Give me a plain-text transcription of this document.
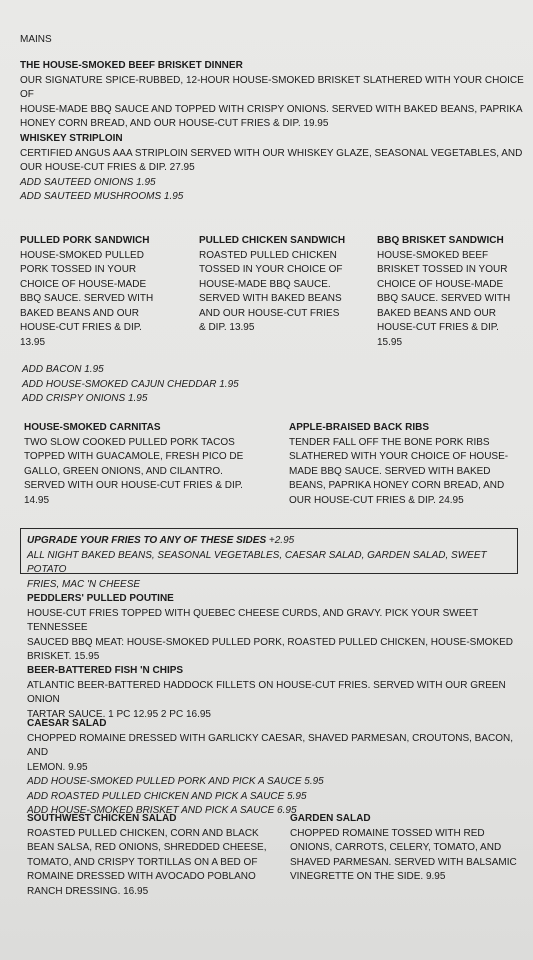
MAINS

THE HOUSE-SMOKED BEEF BRISKET DINNER

OUR SIGNATURE SPICE-RUBBED, 12-HOUR HOUSE-SMOKED BRISKET SLATHERED WITH YOUR CHOICE OF

HOUSE-MADE BBQ SAUCE AND TOPPED WITH CRISPY ONIONS. SERVED WITH BAKED BEANS, PAPRIKA

HONEY CORN BREAD, AND OUR HOUSE-CUT FRIES & DIP. 19.95

WHISKEY STRIPLOIN

CERTIFIED ANGUS AAA STRIPLOIN SERVED WITH OUR WHISKEY GLAZE, SEASONAL VEGETABLES, AND

OUR HOUSE-CUT FRIES & DIP. 27.95

ADD SAUTEED ONIONS 1.95

ADD SAUTEED MUSHROOMS 1.95

PULLED PORK SANDWICH

HOUSE-SMOKED PULLED

PORK TOSSED IN YOUR

CHOICE OF HOUSE-MADE

BBQ SAUCE. SERVED WITH

BAKED BEANS AND OUR

HOUSE-CUT FRIES & DIP.

13.95

PULLED CHICKEN SANDWICH

ROASTED PULLED CHICKEN

TOSSED IN YOUR CHOICE OF

HOUSE-MADE BBQ SAUCE.

SERVED WITH BAKED BEANS

AND OUR HOUSE-CUT FRIES

& DIP. 13.95

BBQ BRISKET SANDWICH

HOUSE-SMOKED BEEF

BRISKET TOSSED IN YOUR

CHOICE OF HOUSE-MADE

BBQ SAUCE. SERVED WITH

BAKED BEANS AND OUR

HOUSE-CUT FRIES & DIP.

15.95

ADD BACON 1.95

ADD HOUSE-SMOKED CAJUN CHEDDAR 1.95

ADD CRISPY ONIONS 1.95

HOUSE-SMOKED CARNITAS

TWO SLOW COOKED PULLED PORK TACOS

TOPPED WITH GUACAMOLE, FRESH PICO DE

GALLO, GREEN ONIONS, AND CILANTRO.

SERVED WITH OUR HOUSE-CUT FRIES & DIP.

14.95

APPLE-BRAISED BACK RIBS

TENDER FALL OFF THE BONE PORK RIBS

SLATHERED WITH YOUR CHOICE OF HOUSE-

MADE BBQ SAUCE. SERVED WITH BAKED

BEANS, PAPRIKA HONEY CORN BREAD, AND

OUR HOUSE-CUT FRIES & DIP. 24.95

UPGRADE YOUR FRIES TO ANY OF THESE SIDES +2.95

ALL NIGHT BAKED BEANS, SEASONAL VEGETABLES, CAESAR SALAD, GARDEN SALAD, SWEET POTATO

FRIES, MAC 'N CHEESE

PEDDLERS' PULLED POUTINE

HOUSE-CUT FRIES TOPPED WITH QUEBEC CHEESE CURDS, AND GRAVY. PICK YOUR SWEET TENNESSEE

SAUCED BBQ MEAT: HOUSE-SMOKED PULLED PORK, ROASTED PULLED CHICKEN, HOUSE-SMOKED

BRISKET. 15.95

BEER-BATTERED FISH 'N CHIPS

ATLANTIC BEER-BATTERED HADDOCK FILLETS ON HOUSE-CUT FRIES. SERVED WITH OUR GREEN ONION

TARTAR SAUCE. 1 PC 12.95 2 PC 16.95

CAESAR SALAD

CHOPPED ROMAINE DRESSED WITH GARLICKY CAESAR, SHAVED PARMESAN, CROUTONS, BACON, AND

LEMON. 9.95

ADD HOUSE-SMOKED PULLED PORK AND PICK A SAUCE 5.95

ADD ROASTED PULLED CHICKEN AND PICK A SAUCE 5.95

ADD HOUSE-SMOKED BRISKET AND PICK A SAUCE 6.95

SOUTHWEST CHICKEN SALAD

ROASTED PULLED CHICKEN, CORN AND BLACK

BEAN SALSA, RED ONIONS, SHREDDED CHEESE,

TOMATO, AND CRISPY TORTILLAS ON A BED OF

ROMAINE DRESSED WITH AVOCADO POBLANO

RANCH DRESSING. 16.95

GARDEN SALAD

CHOPPED ROMAINE TOSSED WITH RED

ONIONS, CARROTS, CELERY, TOMATO, AND

SHAVED PARMESAN. SERVED WITH BALSAMIC

VINEGRETTE ON THE SIDE. 9.95
